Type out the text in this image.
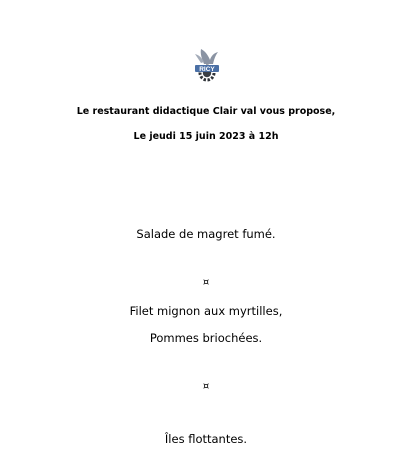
RICY
Le restaurant didactique Clair val vous propose,
Le jeudi 15 juin 2023 à 12h
Salade de magret fumé.
¤
Filet mignon aux myrtilles,
Pommes briochées.
¤
Îles flottantes.
